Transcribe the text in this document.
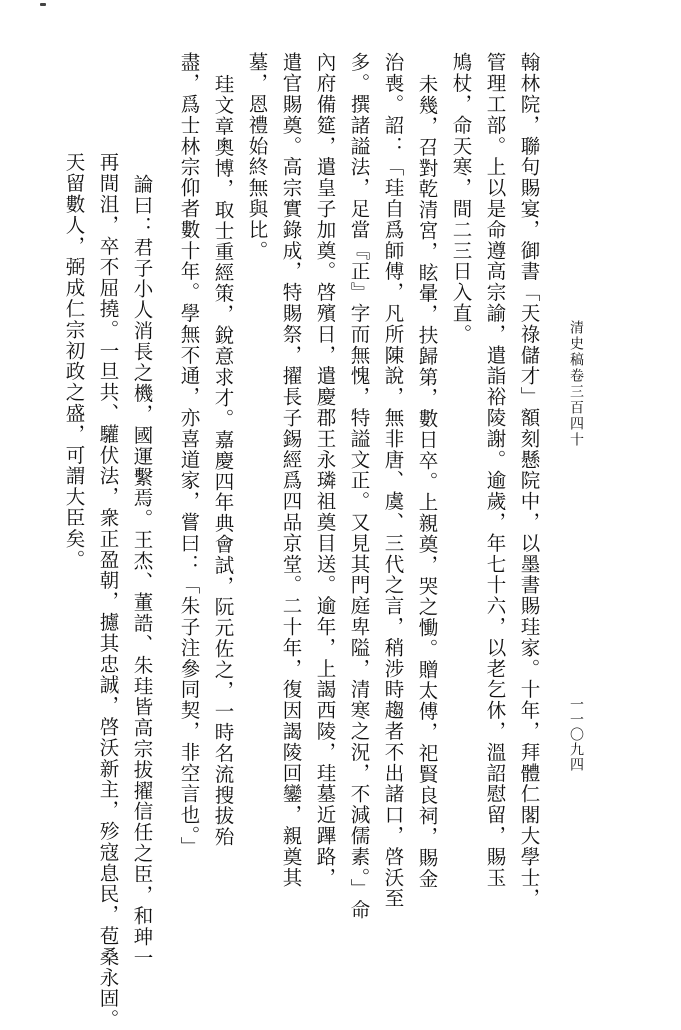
清史稿卷三百四十
一一〇九四
翰林院，聯句賜宴，御書「天祿儲才」額刻懸院中，以墨書賜珪家。十年，拜體仁閣大學士，
管理工部。上以是命遵高宗諭，遣詣裕陵謝。逾歲，年七十六，以老乞休，溫詔慰留，賜玉
鳩杖，命天寒，間二三日入直。
未幾，召對乾清宮，眩暈，扶歸第，數日卒。上親奠，哭之慟。贈太傅，祀賢良祠，賜金
治喪。詔：「珪自爲師傅，凡所陳說，無非唐、虞、三代之言，稍涉時趨者不出諸口，啓沃至
多。撰諸謚法，足當『正』字而無愧，特謚文正。又見其門庭卑隘，清寒之況，不減儒素。」命
內府備筵，遣皇子加奠。啓殯日，遣慶郡王永璘祖奠目送。逾年，上謁西陵，珪墓近蹕路，
遣官賜奠。高宗實錄成，特賜祭，擢長子錫經爲四品京堂。二十年，復因謁陵回鑾，親奠其
墓，恩禮始終無與比。
珪文章奧博，取士重經策，銳意求才。嘉慶四年典會試，阮元佐之，一時名流搜拔殆
盡，爲士林宗仰者數十年。學無不通，亦喜道家，嘗曰：「朱子注參同契，非空言也。」
論曰：君子小人消長之機，國運繫焉。王杰、董誥、朱珪皆高宗拔擢信任之臣，和珅一
再間沮，卒不屈撓。一旦共、驩伏法，衆正盈朝，攄其忠誠，啓沃新主，殄寇息民，苞桑永固。
天留數人，弼成仁宗初政之盛，可謂大臣矣。
